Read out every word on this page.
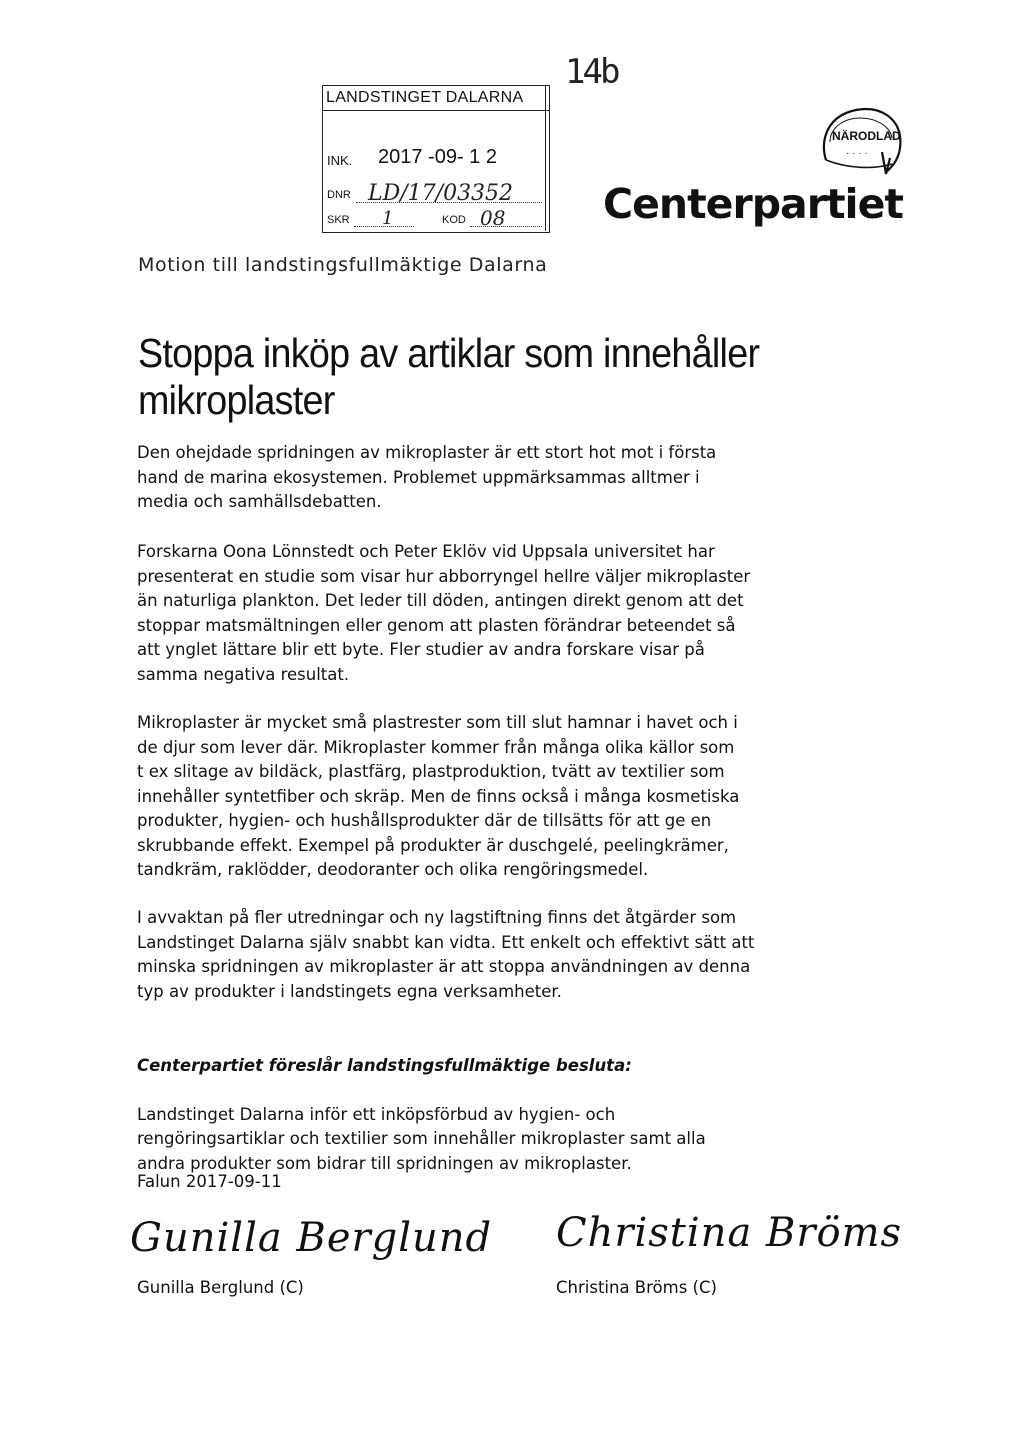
LANDSTINGET DALARNA
INK. 2017 -09- 1 2
DNR LD/17/03352
SKR 1	KOD 08
14b
NÄRODLAD
· · · ·
Centerpartiet
Motion till landstingsfullmäktige Dalarna
Stoppa inköp av artiklar som innehåller mikroplaster
Den ohejdade spridningen av mikroplaster är ett stort hot mot i första
hand de marina ekosystemen. Problemet uppmärksammas alltmer i
media och samhällsdebatten.
Forskarna Oona Lönnstedt och Peter Eklöv vid Uppsala universitet har
presenterat en studie som visar hur abborryngel hellre väljer mikroplaster
än naturliga plankton. Det leder till döden, antingen direkt genom att det
stoppar matsmältningen eller genom att plasten förändrar beteendet så
att ynglet lättare blir ett byte. Fler studier av andra forskare visar på
samma negativa resultat.
Mikroplaster är mycket små plastrester som till slut hamnar i havet och i
de djur som lever där. Mikroplaster kommer från många olika källor som
t ex slitage av bildäck, plastfärg, plastproduktion, tvätt av textilier som
innehåller syntetfiber och skräp. Men de finns också i många kosmetiska
produkter, hygien- och hushållsprodukter där de tillsätts för att ge en
skrubbande effekt. Exempel på produkter är duschgelé, peelingkrämer,
tandkräm, raklödder, deodoranter och olika rengöringsmedel.
I avvaktan på fler utredningar och ny lagstiftning finns det åtgärder som
Landstinget Dalarna själv snabbt kan vidta. Ett enkelt och effektivt sätt att
minska spridningen av mikroplaster är att stoppa användningen av denna
typ av produkter i landstingets egna verksamheter.

Centerpartiet föreslår landstingsfullmäktige besluta:

Landstinget Dalarna inför ett inköpsförbud av hygien- och
rengöringsartiklar och textilier som innehåller mikroplaster samt alla
andra produkter som bidrar till spridningen av mikroplaster.

Falun 2017-09-11
Gunilla Berglund
Gunilla Berglund (C)
Christina Bröms
Christina Bröms (C)
